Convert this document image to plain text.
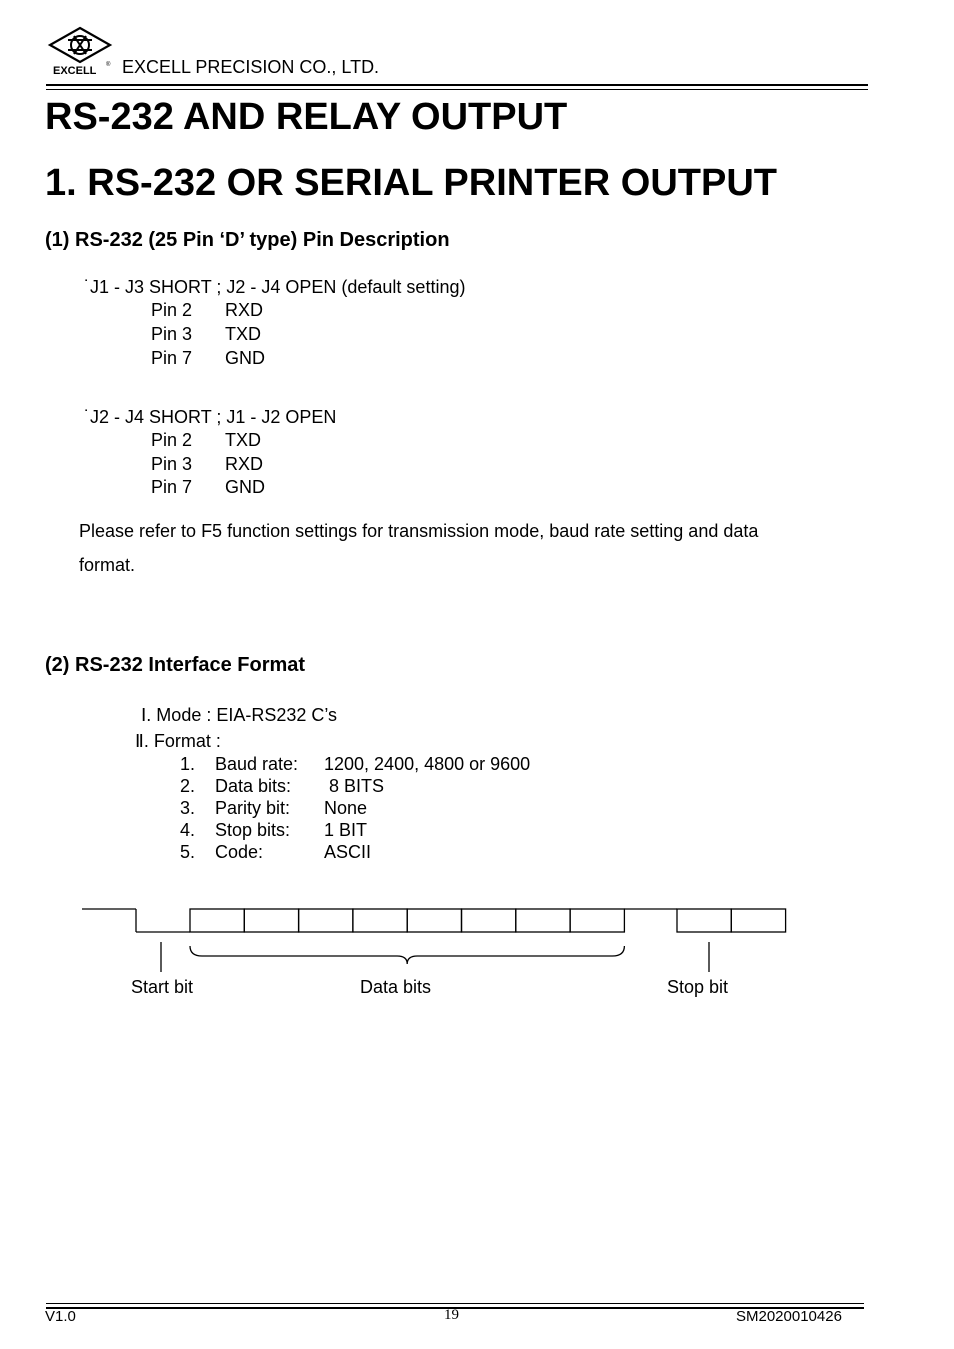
EXCELL ® EXCELL PRECISION CO., LTD.
RS-232 AND RELAY OUTPUT
1. RS-232 OR SERIAL PRINTER OUTPUT
(1) RS-232 (25 Pin ‘D’ type) Pin Description
˙J1 - J3 SHORT ; J2 - J4 OPEN (default setting)
Pin 2 RXD
Pin 3 TXD
Pin 7 GND
˙J2 - J4 SHORT ; J1 - J2 OPEN
Pin 2 TXD
Pin 3 RXD
Pin 7 GND
Please refer to F5 function settings for transmission mode, baud rate setting and data
format.
(2) RS-232 Interface Format
Ⅰ. Mode : EIA-RS232 C’s
Ⅱ. Format :
1. Baud rate: 1200, 2400, 4800 or 9600
2. Data bits: 8 BITS
3. Parity bit: None
4. Stop bits: 1 BIT
5. Code:	ASCII
Start bit	Data bits	Stop bit
V1.0	19	SM2020010426
